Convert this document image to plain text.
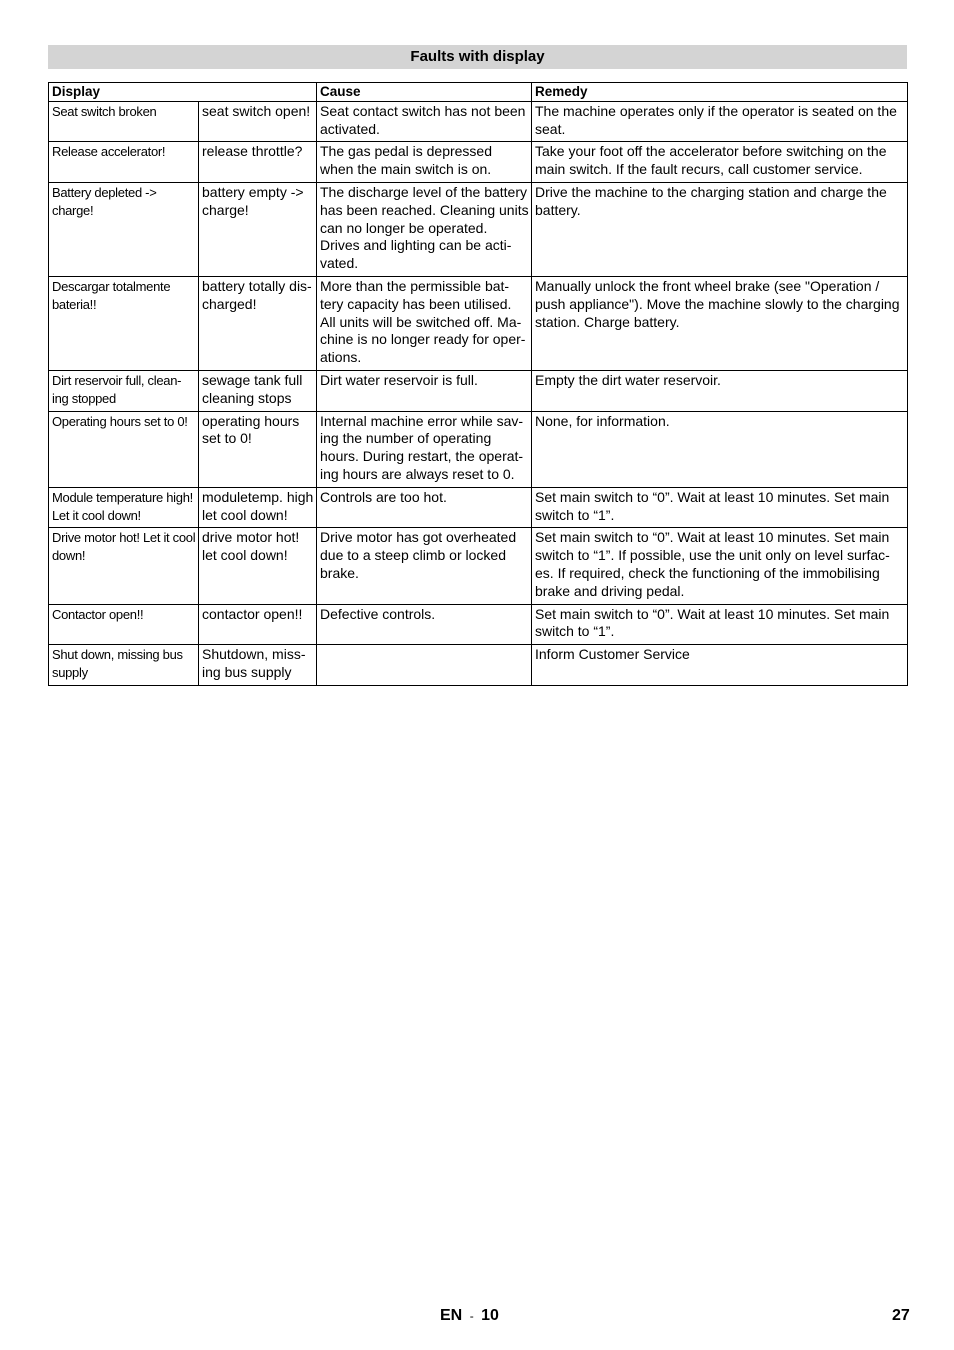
Faults with display
Display		Cause	Remedy
Seat switch broken	seat switch open!	Seat contact switch has not been activated.	The machine operates only if the operator is seated on the seat.
Release accelerator!	release throttle?	The gas pedal is depressed when the main switch is on.	Take your foot off the accelerator before switching on the main switch. If the fault recurs, call customer service.
Battery depleted -> charge!	battery empty -> charge!	The discharge level of the battery has been reached. Cleaning units can no longer be operated. Drives and lighting can be acti-vated.	Drive the machine to the charging station and charge the battery.
Descargar totalmente bateria!!	battery totally dis-charged!	More than the permissible bat-tery capacity has been utilised. All units will be switched off. Ma-chine is no longer ready for oper-ations.	Manually unlock the front wheel brake (see "Operation / push appliance"). Move the machine slowly to the charging station. Charge battery.
Dirt reservoir full, clean-ing stopped	sewage tank full cleaning stops	Dirt water reservoir is full.	Empty the dirt water reservoir.
Operating hours set to 0!	operating hours set to 0!	Internal machine error while sav-ing the number of operating hours. During restart, the operat-ing hours are always reset to 0.	None, for information.
Module temperature high! Let it cool down!	moduletemp. high let cool down!	Controls are too hot.	Set main switch to “0”. Wait at least 10 minutes. Set main switch to “1”.
Drive motor hot! Let it cool down!	drive motor hot! let cool down!	Drive motor has got overheated due to a steep climb or locked brake.	Set main switch to “0”. Wait at least 10 minutes. Set main switch to “1”. If possible, use the unit only on level surfac-es. If required, check the functioning of the immobilising brake and driving pedal.
Contactor open!!	contactor open!!	Defective controls.	Set main switch to “0”. Wait at least 10 minutes. Set main switch to “1”.
Shut down, missing bus supply	Shutdown, miss-ing bus supply		Inform Customer Service
EN - 10	27
